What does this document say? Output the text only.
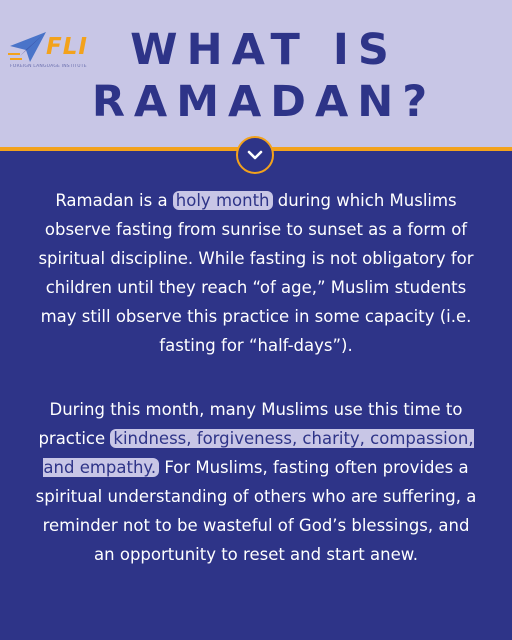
FLI
FOREIGN LANGUAGE INSTITUTE	WHAT IS
RAMADAN?

Ramadan is a holy month during which Muslims observe fasting from sunrise to sunset as a form of spiritual discipline. While fasting is not obligatory for children until they reach “of age,” Muslim students may still observe this practice in some capacity (i.e. fasting for “half-days”).

During this month, many Muslims use this time to practice kindness, forgiveness, charity, compassion, and empathy. For Muslims, fasting often provides a spiritual understanding of others who are suffering, a reminder not to be wasteful of God’s blessings, and an opportunity to reset and start anew.
